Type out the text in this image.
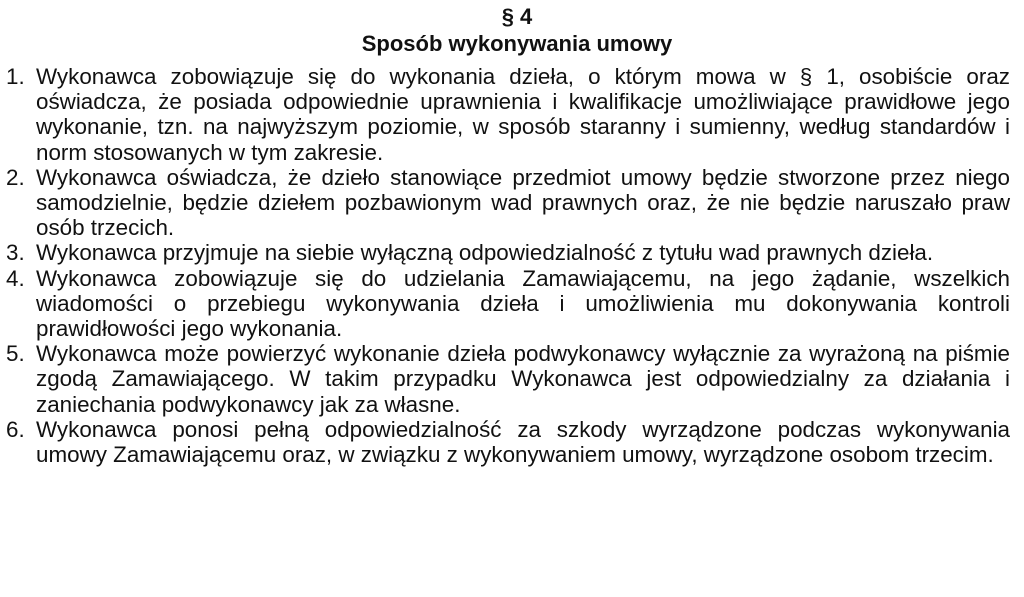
§ 4
Sposób wykonywania umowy
1. Wykonawca zobowiązuje się do wykonania dzieła, o którym mowa w § 1, osobiście oraz oświadcza, że posiada odpowiednie uprawnienia i kwalifikacje umożliwiające prawidłowe jego wykonanie, tzn. na najwyższym poziomie, w sposób staranny i sumienny, według standardów i norm stosowanych w tym zakresie.
2. Wykonawca oświadcza, że dzieło stanowiące przedmiot umowy będzie stworzone przez niego samodzielnie, będzie dziełem pozbawionym wad prawnych oraz, że nie będzie naruszało praw osób trzecich.
3. Wykonawca przyjmuje na siebie wyłączną odpowiedzialność z tytułu wad prawnych dzieła.
4. Wykonawca zobowiązuje się do udzielania Zamawiającemu, na jego żądanie, wszelkich wiadomości o przebiegu wykonywania dzieła i umożliwienia mu dokonywania kontroli prawidłowości jego wykonania.
5. Wykonawca może powierzyć wykonanie dzieła podwykonawcy wyłącznie za wyrażoną na piśmie zgodą Zamawiającego. W takim przypadku Wykonawca jest odpowiedzialny za działania i zaniechania podwykonawcy jak za własne.
6. Wykonawca ponosi pełną odpowiedzialność za szkody wyrządzone podczas wykonywania umowy Zamawiającemu oraz, w związku z wykonywaniem umowy, wyrządzone osobom trzecim.
